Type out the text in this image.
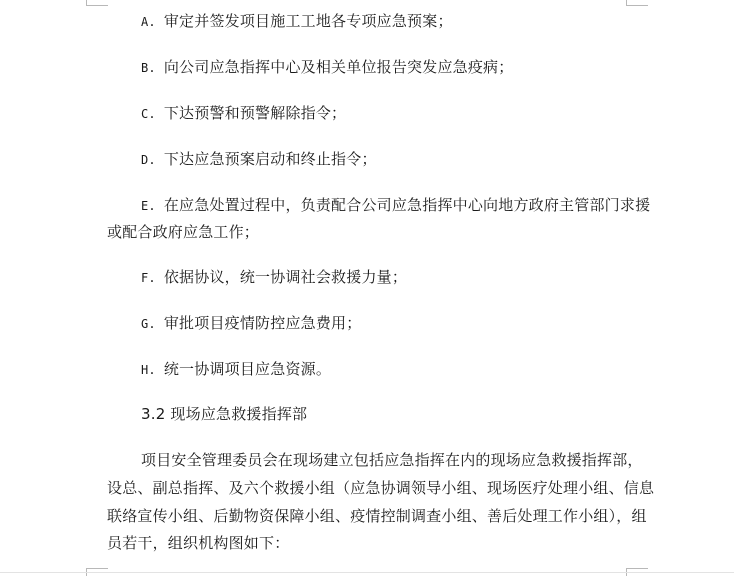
A. 审定并签发项目施工工地各专项应急预案；
B. 向公司应急指挥中心及相关单位报告突发应急疫病；
C. 下达预警和预警解除指令；
D. 下达应急预案启动和终止指令；
E. 在应急处置过程中，负责配合公司应急指挥中心向地方政府主管部门求援
或配合政府应急工作；
F. 依据协议，统一协调社会救援力量；
G. 审批项目疫情防控应急费用；
H. 统一协调项目应急资源。
3.2 现场应急救援指挥部
项目安全管理委员会在现场建立包括应急指挥在内的现场应急救援指挥部，
设总、副总指挥、及六个救援小组（应急协调领导小组、现场医疗处理小组、信息
联络宣传小组、后勤物资保障小组、疫情控制调查小组、善后处理工作小组），组
员若干，组织机构图如下：
